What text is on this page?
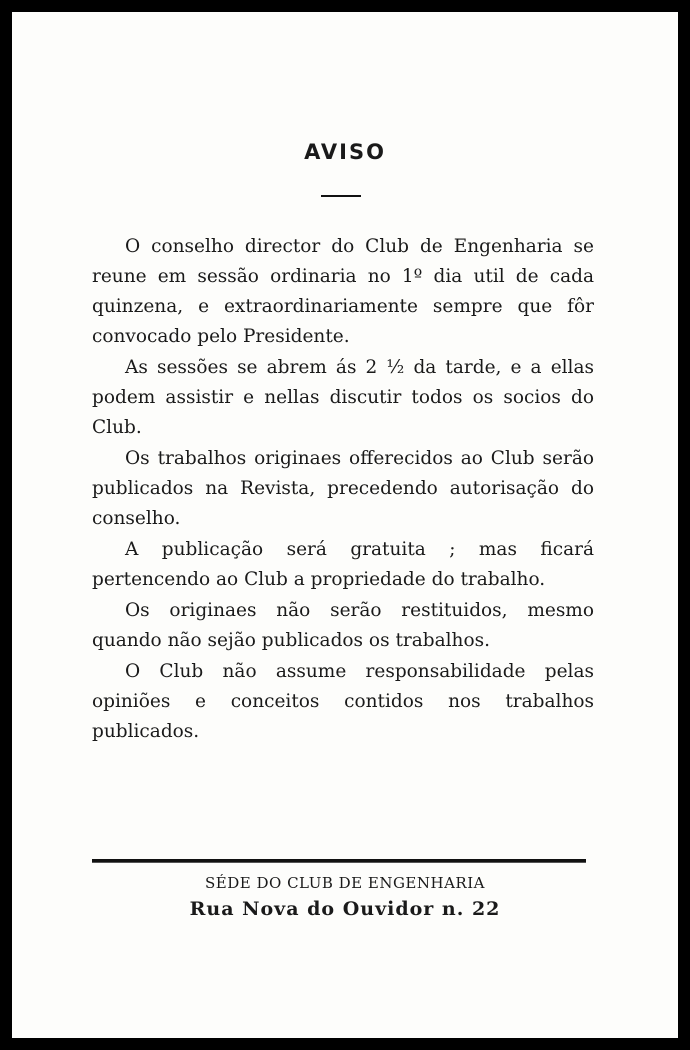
AVISO

O conselho director do Club de Engenharia se reune em sessão ordinaria no 1º dia util de cada quinzena, e extraordinariamente sempre que fôr convocado pelo Presidente.

As sessões se abrem ás 2 ½ da tarde, e a ellas podem assistir e nellas discutir todos os socios do Club.

Os trabalhos originaes offerecidos ao Club serão publicados na Revista, precedendo autorisação do conselho.

A publicação será gratuita ; mas ficará pertencendo ao Club a propriedade do trabalho.

Os originaes não serão restituidos, mesmo quando não sejão publicados os trabalhos.

O Club não assume responsabilidade pelas opiniões e conceitos contidos nos trabalhos publicados.

SÉDE DO CLUB DE ENGENHARIA
Rua Nova do Ouvidor n. 22
